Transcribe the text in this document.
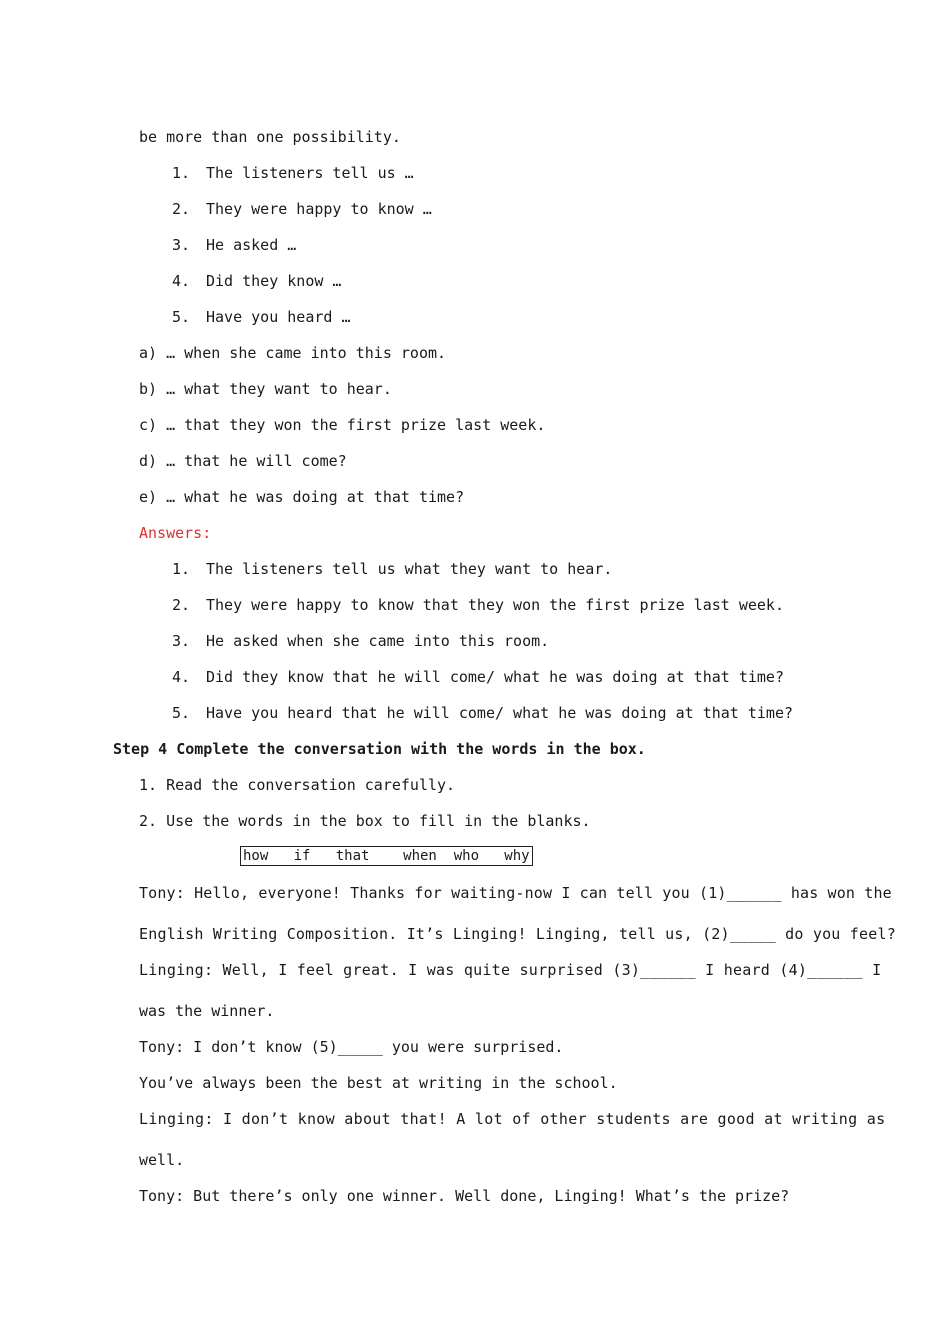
be more than one possibility.
1. The listeners tell us …
2. They were happy to know …
3. He asked …
4. Did they know …
5. Have you heard …
a) … when she came into this room.
b) … what they want to hear.
c) … that they won the first prize last week.
d) … that he will come?
e) … what he was doing at that time?
Answers:
1. The listeners tell us what they want to hear.
2. They were happy to know that they won the first prize last week.
3. He asked when she came into this room.
4. Did they know that he will come/ what he was doing at that time?
5. Have you heard that he will come/ what he was doing at that time?
Step 4 Complete the conversation with the words in the box.
1. Read the conversation carefully.
2. Use the words in the box to fill in the blanks.
how   if   that    when  who   why
Tony: Hello, everyone! Thanks for waiting-now I can tell you (1)______ has won the
English Writing Composition. It’s Linging! Linging, tell us, (2)_____ do you feel?
Linging: Well, I feel great. I was quite surprised (3)______ I heard (4)______ I
was the winner.
Tony: I don’t know (5)_____ you were surprised.
You’ve always been the best at writing in the school.
Linging: I don’t know about that! A lot of other students are good at writing as
well.
Tony: But there’s only one winner. Well done, Linging! What’s the prize?
